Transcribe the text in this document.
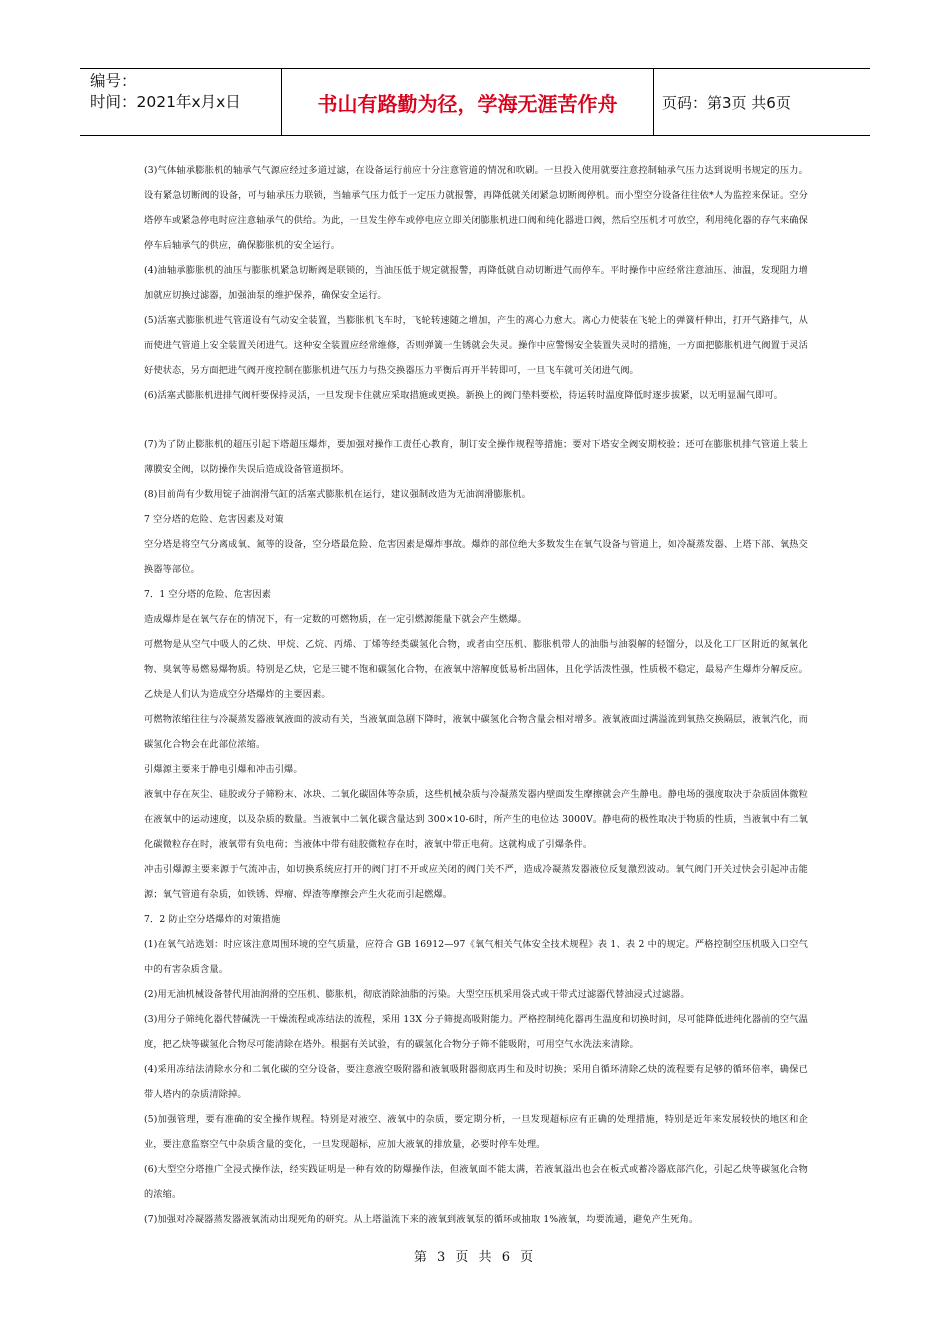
编号：
时间：2021年x月x日	书山有路勤为径，学海无涯苦作舟	页码：第3页 共6页

(3)气体轴承膨胀机的轴承气气源应经过多道过滤，在设备运行前应十分注意管道的情况和吹刷。一旦投入使用就要注意控制轴承气压力达到说明书规定的压力。设有紧急切断阀的设备，可与轴承压力联锁，当轴承气压力低于一定压力就报警，再降低就关闭紧急切断阀停机。而小型空分设备往往依*人为监控来保证。空分塔停车或紧急停电时应注意轴承气的供给。为此，一旦发生停车或停电应立即关闭膨胀机进口阀和纯化器进口阀，然后空压机才可放空，利用纯化器的存气来确保停车后轴承气的供应，确保膨胀机的安全运行。

(4)油轴承膨胀机的油压与膨胀机紧急切断阀是联锁的，当油压低于规定就报警，再降低就自动切断进气而停车。平时操作中应经常注意油压、油温，发现阻力增加就应切换过滤器，加强油泵的维护保养，确保安全运行。

(5)活塞式膨胀机进气管道设有气动安全装置，当膨胀机飞车时，飞轮转速随之增加，产生的离心力愈大。离心力使装在飞轮上的弹簧杆伸出，打开气路排气，从而使进气管道上安全装置关闭进气。这种安全装置应经常维修，否则弹簧一生锈就会失灵。操作中应警惕安全装置失灵时的措施，一方面把膨胀机进气阀置于灵活好使状态，另方面把进气阀开度控制在膨胀机进气压力与热交换器压力平衡后再开半转即可，一旦飞车就可关闭进气阀。

(6)活塞式膨胀机进排气阀杆要保持灵活，一旦发现卡住就应采取措施或更换。新换上的阀门垫料要松，待运转时温度降低时逐步拔紧，以无明显漏气即可。

(7)为了防止膨胀机的超压引起下塔超压爆炸，要加强对操作工责任心教育，制订安全操作规程等措施；要对下塔安全阀安期校验；还可在膨胀机排气管道上装上薄膜安全阀，以防操作失误后造成设备管道损坏。

(8)目前尚有少数用锭子油润滑气缸的活塞式膨胀机在运行，建议强制改造为无油润滑膨胀机。

7 空分塔的危险、危害因素及对策

空分塔是将空气分离成氧、氮等的设备，空分塔最危险、危害因素是爆炸事故。爆炸的部位绝大多数发生在氧气设备与管道上，如冷凝蒸发器、上塔下部、氧热交换器等部位。

7．1 空分塔的危险、危害因素

造成爆炸是在氧气存在的情况下，有一定数的可燃物质，在一定引燃源能量下就会产生燃爆。

可燃物是从空气中吸人的乙炔、甲烷、乙烷、丙烯、丁烯等经类碳氢化合物，或者由空压机、膨胀机带人的油脂与油裂解的轻馏分，以及化工厂区附近的氮氧化物、臭氧等易燃易爆物质。特别是乙炔，它是三键不饱和碳氢化合物，在液氧中溶解度低易析出固体，且化学活泼性强，性质极不稳定，最易产生爆炸分解反应。乙炔是人们认为造成空分塔爆炸的主要因素。

可燃物浓缩往往与冷凝蒸发器液氧液面的波动有关，当液氧面急剧下降时，液氧中碳氢化合物含量会相对增多。液氧液面过满溢流到氧热交换隔层，液氧汽化，而碳氢化合物会在此部位浓缩。

引爆源主要来于静电引爆和冲击引爆。

液氧中存在灰尘、硅胶或分子筛粉末、冰块、二氧化碳固体等杂质，这些机械杂质与冷凝蒸发器内壁面发生摩擦就会产生静电。静电场的强度取决于杂质固体微粒在液氧中的运动速度，以及杂质的数量。当液氧中二氧化碳含量达到 300×10-6时，所产生的电位达 3000V。静电荷的极性取决于物质的性质，当液氧中有二氧化碳微粒存在时，液氧带有负电荷；当液体中带有硅胶微粒存在时，液氧中带正电荷。这就构成了引爆条件。

冲击引爆源主要来源于气流冲击，如切换系统应打开的阀门打不开或应关闭的阀门关不严，造成冷凝蒸发器液位反复激烈波动。氧气阀门开关过快会引起冲击能源；氧气管道有杂质，如铁锈、焊瘤、焊渣等摩擦会产生火花而引起燃爆。

7．2 防止空分塔爆炸的对策措施

(1)在氧气站选划：时应该注意周围环境的空气质量，应符合 GB 16912—97《氧气相关气体安全技术规程》表 1、表 2 中的规定。严格控制空压机吸入口空气中的有害杂质含量。

(2)用无油机械设备替代用油润滑的空压机、膨胀机，彻底消除油脂的污染。大型空压机采用袋式或干带式过滤器代替油浸式过滤器。

(3)用分子筛纯化器代替碱洗一干燥流程或冻结法的流程，采用 13X 分子筛提高吸附能力。严格控制纯化器再生温度和切换时间，尽可能降低进纯化器前的空气温度，把乙炔等碳氢化合物尽可能清除在塔外。根据有关试验，有的碳氢化合物分子筛不能吸附，可用空气水洗法来清除。

(4)采用冻结法清除水分和二氧化碳的空分设备，要注意液空吸附器和液氧吸附器彻底再生和及时切换；采用自循环清除乙炔的流程要有足够的循环倍率，确保已带人塔内的杂质清除掉。

(5)加强管理，要有准确的安全操作规程。特别是对液空、液氧中的杂质，要定期分析，一旦发现超标应有正确的处理措施，特别是近年来发展较快的地区和企业，要注意监察空气中杂质含量的变化，一旦发现超标，应加大液氧的排放量，必要时停车处理。

(6)大型空分塔推广全浸式操作法，经实践证明是一种有效的防爆操作法，但液氧面不能太满，若液氧溢出也会在板式或蓄冷器底部汽化，引起乙炔等碳氢化合物的浓缩。

(7)加强对冷凝器蒸发器液氧流动出现死角的研究。从上塔溢流下来的液氧到液氧泵的循环或抽取 1%液氧，均要流通，避免产生死角。

第 3 页 共 6 页
